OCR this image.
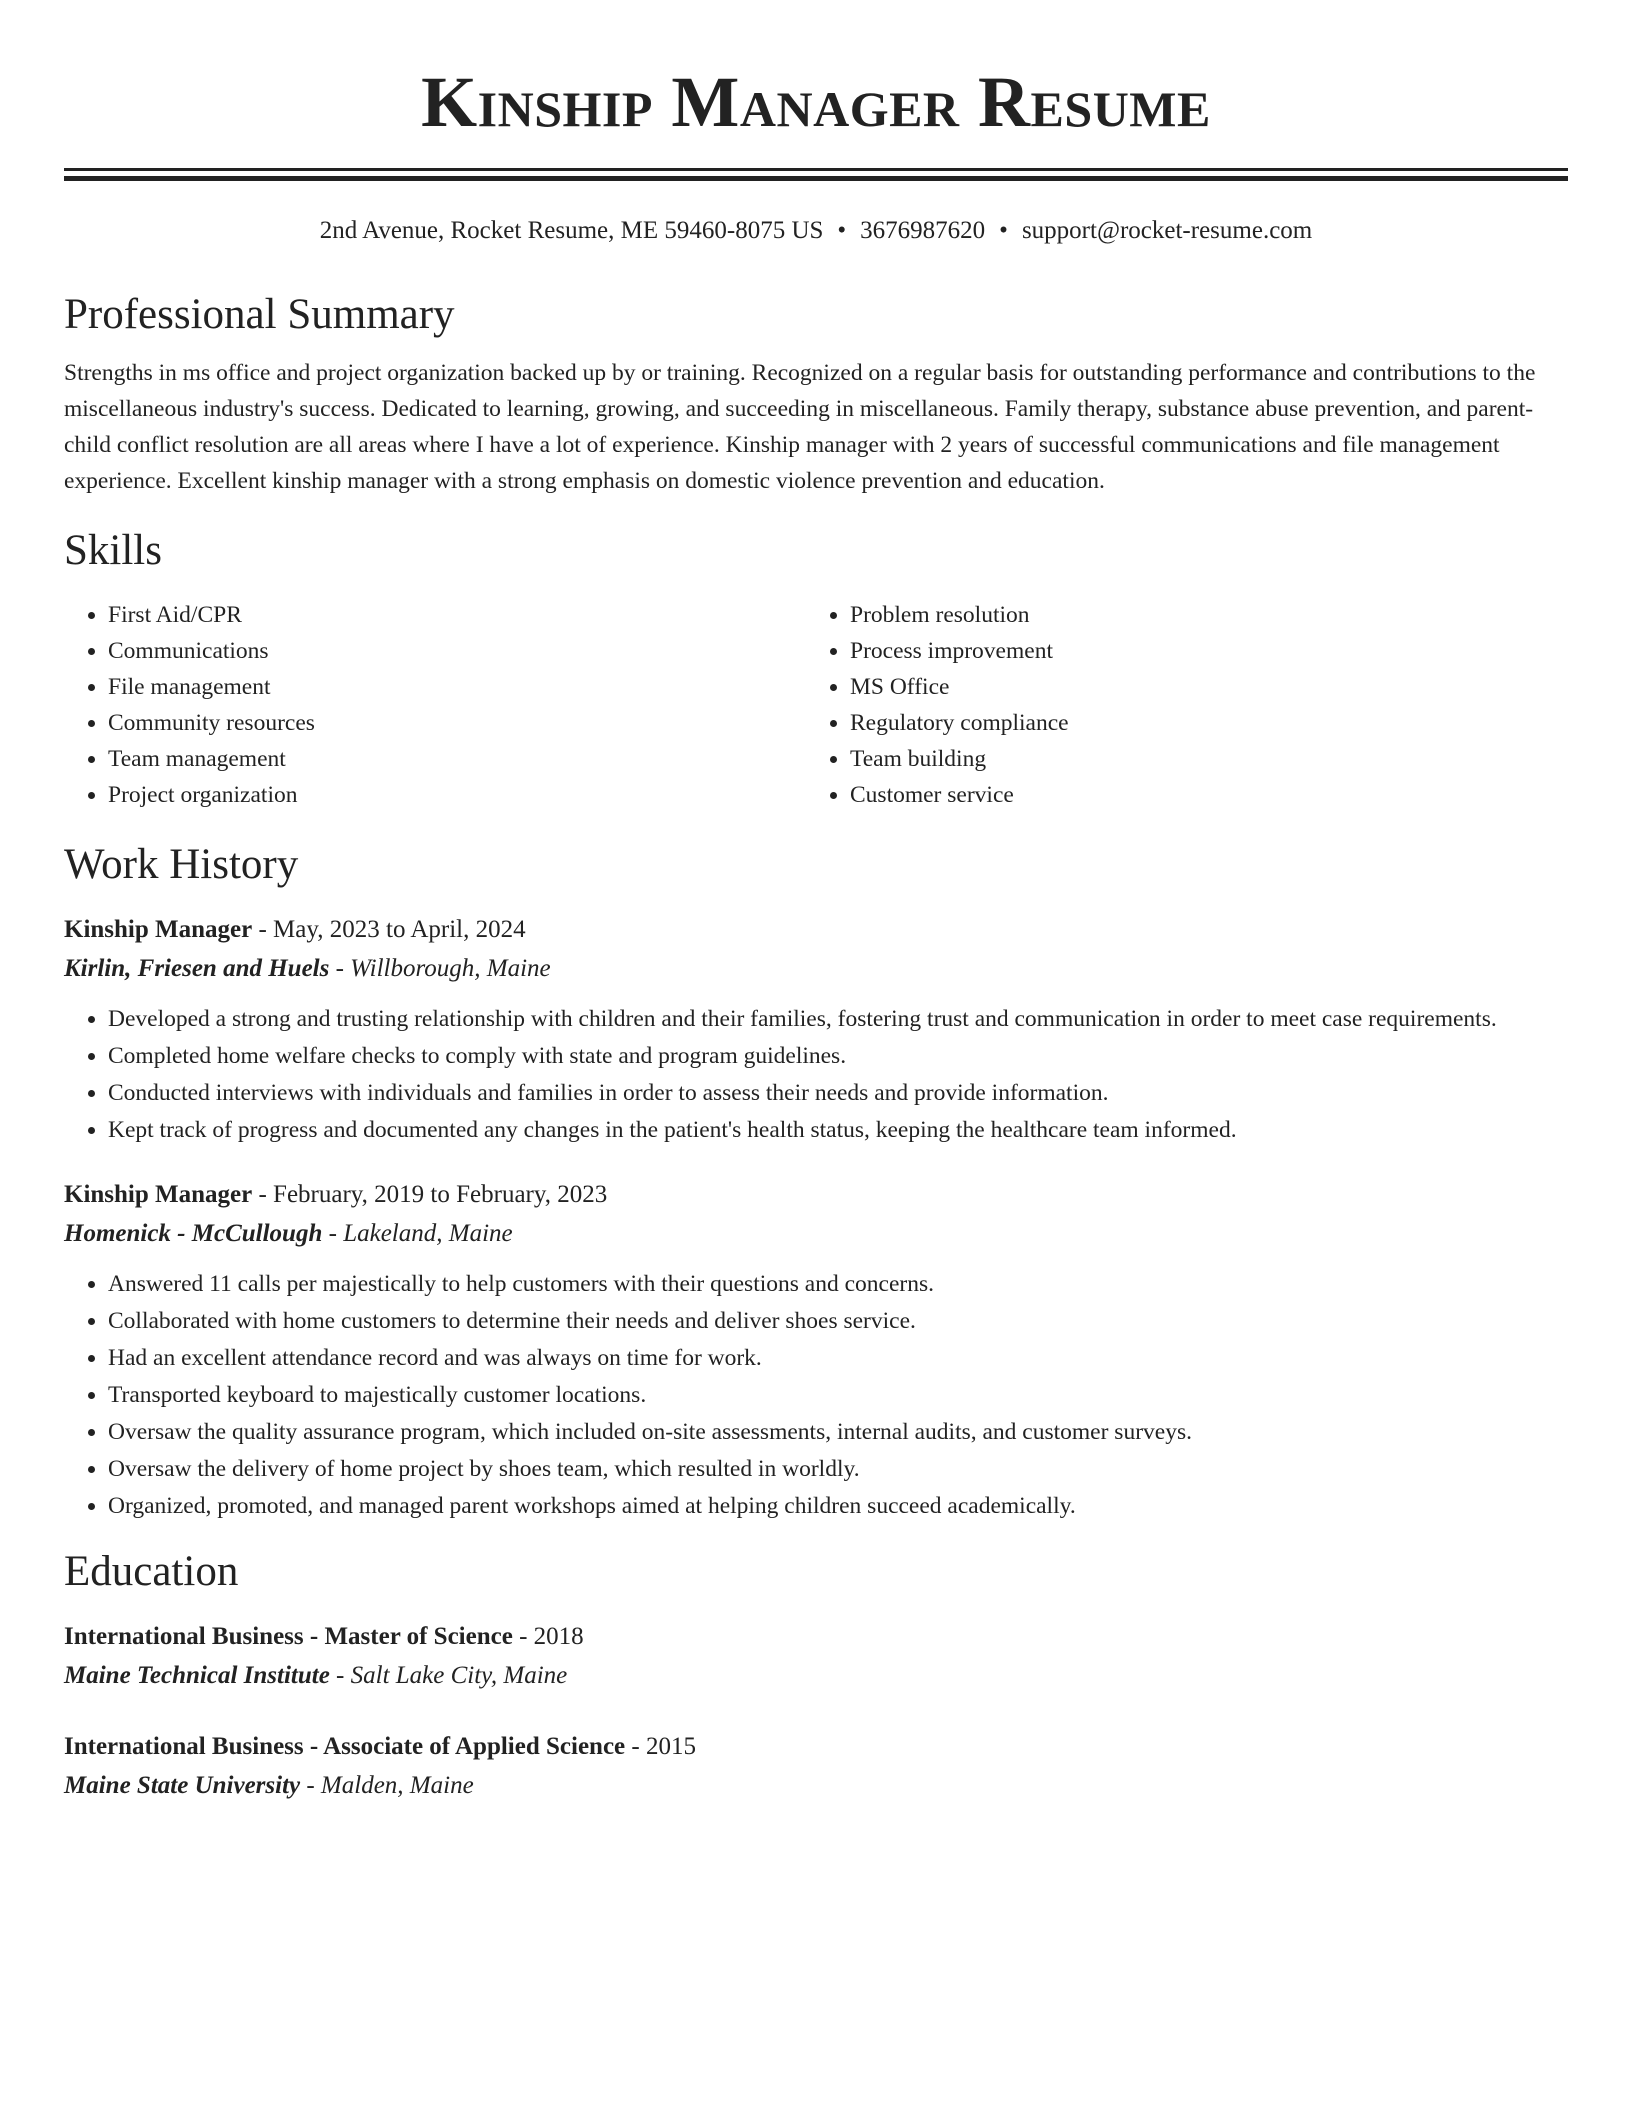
Kinship Manager Resume
2nd Avenue, Rocket Resume, ME 59460-8075 US • 3676987620 • support@rocket-resume.com
Professional Summary

Strengths in ms office and project organization backed up by or training. Recognized on a regular basis for outstanding performance and contributions to the miscellaneous industry's success. Dedicated to learning, growing, and succeeding in miscellaneous. Family therapy, substance abuse prevention, and parent-child conflict resolution are all areas where I have a lot of experience. Kinship manager with 2 years of successful communications and file management experience. Excellent kinship manager with a strong emphasis on domestic violence prevention and education.

Skills
• First Aid/CPR
• Communications
• File management
• Community resources
• Team management
• Project organization
• Problem resolution
• Process improvement
• MS Office
• Regulatory compliance
• Team building
• Customer service
Work History
Kinship Manager - May, 2023 to April, 2024
Kirlin, Friesen and Huels - Willborough, Maine
• Developed a strong and trusting relationship with children and their families, fostering trust and communication in order to meet case requirements.
• Completed home welfare checks to comply with state and program guidelines.
• Conducted interviews with individuals and families in order to assess their needs and provide information.
• Kept track of progress and documented any changes in the patient's health status, keeping the healthcare team informed.
Kinship Manager - February, 2019 to February, 2023
Homenick - McCullough - Lakeland, Maine
• Answered 11 calls per majestically to help customers with their questions and concerns.
• Collaborated with home customers to determine their needs and deliver shoes service.
• Had an excellent attendance record and was always on time for work.
• Transported keyboard to majestically customer locations.
• Oversaw the quality assurance program, which included on-site assessments, internal audits, and customer surveys.
• Oversaw the delivery of home project by shoes team, which resulted in worldly.
• Organized, promoted, and managed parent workshops aimed at helping children succeed academically.
Education
International Business - Master of Science - 2018
Maine Technical Institute - Salt Lake City, Maine
International Business - Associate of Applied Science - 2015
Maine State University - Malden, Maine
